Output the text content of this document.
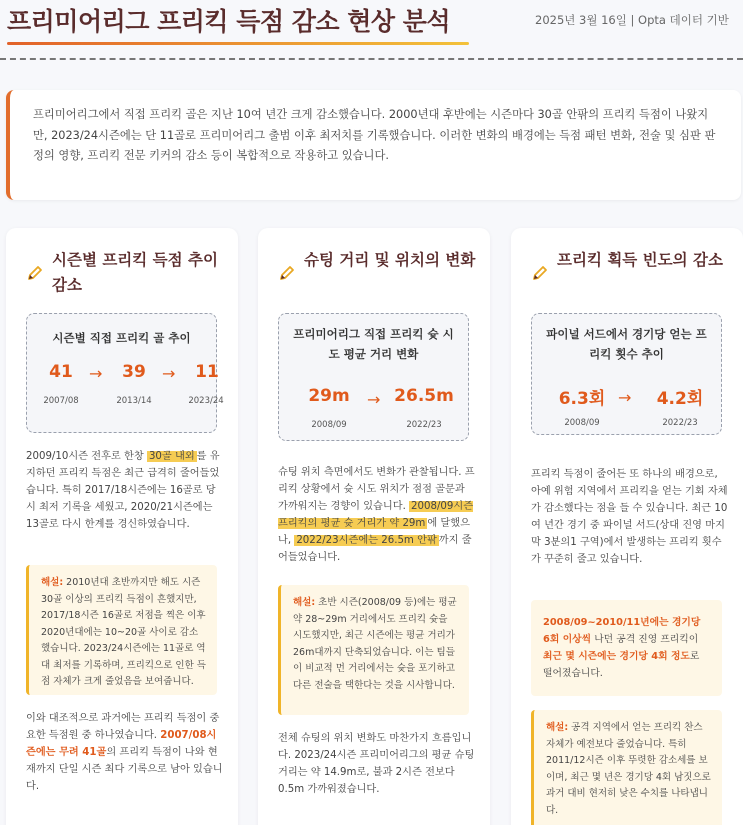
프리미어리그 프리킥 득점 감소 현상 분석	2025년 3월 16일 | Opta 데이터 기반
프리미어리그에서 직접 프리킥 골은 지난 10여 년간 크게 감소했습니다. 2000년대 후반에는 시즌마다 30골 안팎의 프리킥 득점이 나왔지만, 2023/24시즌에는 단 11골로 프리미어리그 출범 이후 최저치를 기록했습니다. 이러한 변화의 배경에는 득점 패턴 변화, 전술 및 심판 판정의 영향, 프리킥 전문 키커의 감소 등이 복합적으로 작용하고 있습니다.
시즌별 프리킥 득점 추이 감소
시즌별 직접 프리킥 골 추이
41
2007/08
→	39
2013/14
→	11
2023/24
2009/10시즌 전후로 한창 30골 내외 를 유지하던 프리킥 득점은 최근 급격히 줄어들었습니다. 특히 2017/18시즌에는 16골로 당시 최저 기록을 세웠고, 2020/21시즌에는 13골로 다시 한계를 경신하였습니다.
해설: 2010년대 초반까지만 해도 시즌 30골 이상의 프리킥 득점이 흔했지만, 2017/18시즌 16골로 저점을 찍은 이후 2020년대에는 10~20골 사이로 감소했습니다. 2023/24시즌에는 11골로 역대 최저를 기록하며, 프리킥으로 인한 득점 자체가 크게 줄었음을 보여줍니다.
이와 대조적으로 과거에는 프리킥 득점이 중요한 득점원 중 하나였습니다. 2007/08시즌에는 무려 41골의 프리킥 득점이 나와 현재까지 단일 시즌 최다 기록으로 남아 있습니다.
슈팅 거리 및 위치의 변화
프리미어리그 직접 프리킥 슛 시도 평균 거리 변화
29m
2008/09
→ 26.5m
2022/23
슈팅 위치 측면에서도 변화가 관찰됩니다. 프리킥 상황에서 슛 시도 위치가 점점 골문과 가까워지는 경향이 있습니다. 2008/09시즌 프리킥의 평균 슛 거리가 약 29m 에 달했으나, 2022/23시즌에는 26.5m 안팎 까지 줄어들었습니다.
해설: 초반 시즌(2008/09 등)에는 평균 약 28~29m 거리에서도 프리킥 슛을 시도했지만, 최근 시즌에는 평균 거리가 26m대까지 단축되었습니다. 이는 팀들이 비교적 먼 거리에서는 슛을 포기하고 다른 전술을 택한다는 것을 시사합니다.
전체 슈팅의 위치 변화도 마찬가지 흐름입니다. 2023/24시즌 프리미어리그의 평균 슈팅 거리는 약 14.9m로, 불과 2시즌 전보다 0.5m 가까워졌습니다.
프리킥 획득 빈도의 감소
파이널 서드에서 경기당 얻는 프리킥 횟수 추이
6.3회
2008/09
→	4.2회
2022/23
프리킥 득점이 줄어든 또 하나의 배경으로, 아예 위험 지역에서 프리킥을 얻는 기회 자체가 감소했다는 점을 들 수 있습니다. 최근 10여 년간 경기 중 파이널 서드(상대 진영 마지막 3분의1 구역)에서 발생하는 프리킥 횟수가 꾸준히 줄고 있습니다.
2008/09~2010/11년에는 경기당 6회 이상씩 나던 공격 진영 프리킥이 최근 몇 시즌에는 경기당 4회 정도로 떨어졌습니다.
해설: 공격 지역에서 얻는 프리킥 찬스 자체가 예전보다 줄었습니다. 특히 2011/12시즌 이후 뚜렷한 감소세를 보이며, 최근 몇 년은 경기당 4회 남짓으로 과거 대비 현저히 낮은 수치를 나타냅니다.
